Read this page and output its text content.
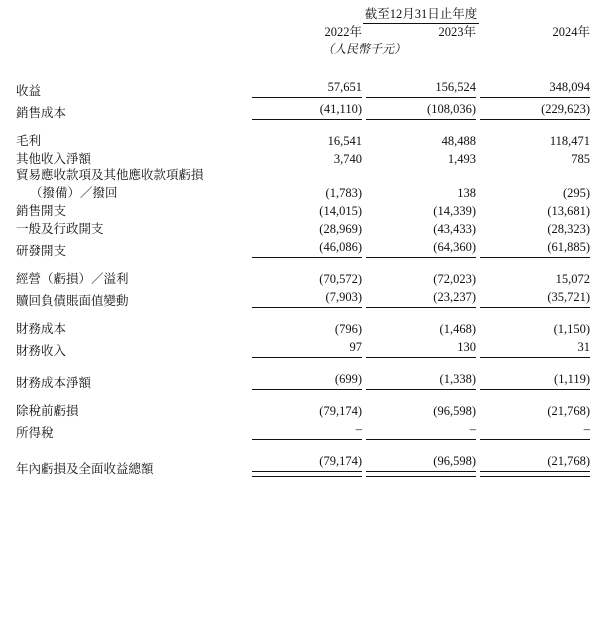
	截至12月31日止年度				
	2022年		2023年		2024年
	（人民幣千元）				

收益	57,651		156,524		348,094

銷售成本	(41,110)		(108,036)		(229,623)

毛利	16,541		48,488		118,471

其他收入淨額	3,740		1,493		785

貿易應收款項及其他應收款項虧損	

（撥備）／撥回	(1,783)		138		(295)

銷售開支	(14,015)		(14,339)		(13,681)

一般及行政開支	(28,969)		(43,433)		(28,323)

研發開支	(46,086)		(64,360)		(61,885)

經營（虧損）／溢利	(70,572)		(72,023)		15,072

贖回負債賬面值變動	(7,903)		(23,237)		(35,721)

財務成本	(796)		(1,468)		(1,150)

財務收入	97		130		31

財務成本淨額	(699)		(1,338)		(1,119)

除稅前虧損	(79,174)		(96,598)		(21,768)

所得稅	–		–		–

年內虧損及全面收益總額	(79,174)		(96,598)		(21,768)
